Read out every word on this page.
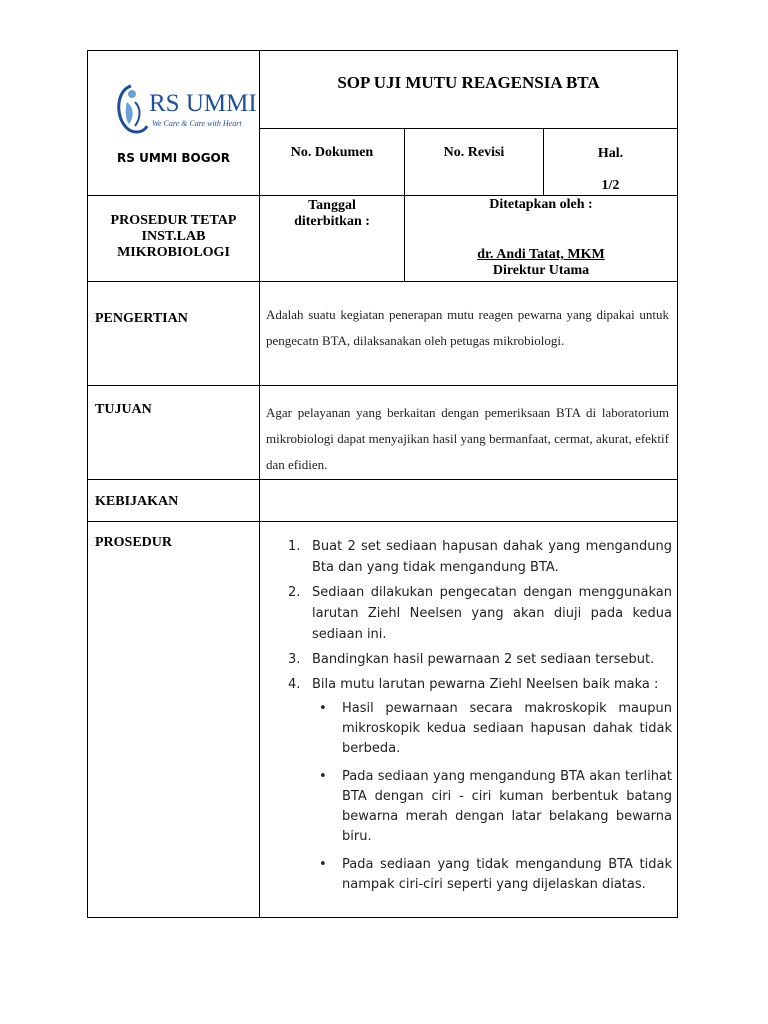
RS UMMI
We Care & Care with Heart
RS UMMI BOGOR
SOP UJI MUTU REAGENSIA BTA
No. Dokumen	No. Revisi	Hal.
1/2
PROSEDUR TETAP
INST.LAB
MIKROBIOLOGI
Tanggal
diterbitkan :
Ditetapkan oleh :
dr. Andi Tatat, MKM
Direktur Utama
PENGERTIAN	Adalah suatu kegiatan penerapan mutu reagen pewarna yang dipakai untuk pengecatn BTA, dilaksanakan oleh petugas mikrobiologi.
TUJUAN	Agar pelayanan yang berkaitan dengan pemeriksaan BTA di laboratorium mikrobiologi dapat menyajikan hasil yang bermanfaat, cermat, akurat, efektif dan efidien.
KEBIJAKAN
PROSEDUR	1. Buat 2 set sediaan hapusan dahak yang mengandung Bta dan yang tidak mengandung BTA.
2. Sediaan dilakukan pengecatan dengan menggunakan larutan Ziehl Neelsen yang akan diuji pada kedua sediaan ini.
3. Bandingkan hasil pewarnaan 2 set sediaan tersebut.
4. Bila mutu larutan pewarna Ziehl Neelsen baik maka :
• Hasil pewarnaan secara makroskopik maupun mikroskopik kedua sediaan hapusan dahak tidak berbeda.
• Pada sediaan yang mengandung BTA akan terlihat BTA dengan ciri - ciri kuman berbentuk batang bewarna merah dengan latar belakang bewarna biru.
• Pada sediaan yang tidak mengandung BTA tidak nampak ciri-ciri seperti yang dijelaskan diatas.
